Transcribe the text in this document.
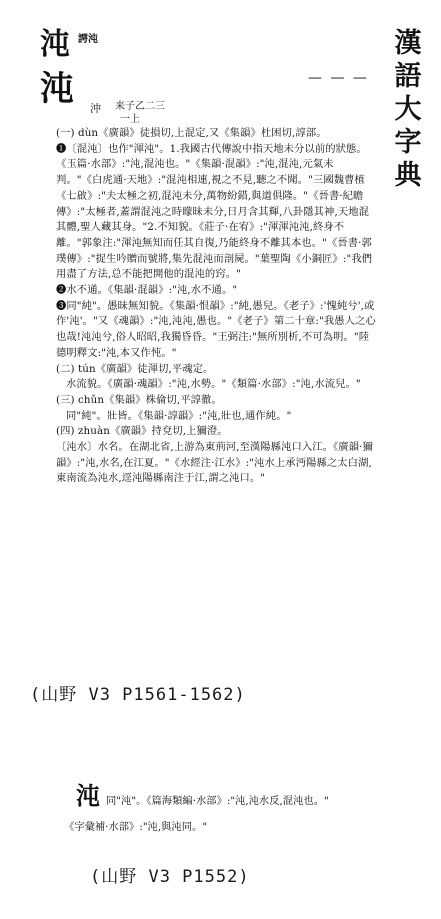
漢
語
大
字
典
沌 諤沌
沌 沖 来子乙二三
一上
— — —

(一) dùn《廣韻》徒損切,上混定,又《集韻》杜困切,諄部。

❶〔混沌〕也作"渾沌"。1.我國古代傳說中指天地未分以前的狀態。《玉篇·水部》:"沌,混沌也。"《集韻·混韻》:"沌,混沌,元氣未判。"《白虎通·天地》:"混沌相連,視之不見,聽之不聞。"三國魏曹植《七啟》:"夫太極之初,混沌未分,萬物紛錯,與道俱隆。"《晉書·紀瞻傳》:"太極者,蓋謂混沌之時曚昧未分,日月含其輝,八卦隱其神,天地混其體,聖人藏其身。"2.不知貌。《莊子·在宥》:"渾渾沌沌,終身不離。"郭象注:"渾沌無知而任其自復,乃能終身不離其本也。"《晉書·郭璞傳》:"捉生吟贈而號將,集先混沌而剖屍。"葉聖陶《小銅匠》:"我們用盡了方法,总不能把開他的混沌的窍。"

❷水不通。《集韻·混韻》:"沌,水不通。"

❸同"純"。愚昧無知貌。《集韻·恨韻》:"純,愚兒。《老子》:'愧純兮',或作'沌'。"又《魂韻》:"沌,沌沌,愚也。"《老子》第二十章:"我愚人之心也哉!沌沌兮,俗人昭昭,我獨昏昏。"王弼注:"無所別析,不可為明。"陸德明釋文:"沌,本又作忳。"

(二) tún《廣韻》徒渾切,平魂定。

水流貌。《廣韻·魂韻》:"沌,水勢。"《類篇·水部》:"沌,水流兒。"

(三) chǔn《集韻》株倫切,平諄徹。

同"純"。壯皆。《集韻·諄韻》:"沌,壯也,通作純。"

(四) zhuàn《廣韻》持兗切,上獮澄。

〔沌水〕水名。在湖北省,上游為東荊河,至漢陽縣沌口入江。《廣韻·獮韻》:"沌,水名,在江夏。"《水經注·江水》:"沌水上承沔陽縣之太白湖,東南流為沌水,逕沌陽縣南注于江,謂之沌口。"

(山野 V3 P1561-1562)
沌 同"沌"。《篇海類編·水部》:"沌,沌水反,混沌也。"

《字彙補·水部》:"沌,與沌同。"

(山野 V3 P1552)
